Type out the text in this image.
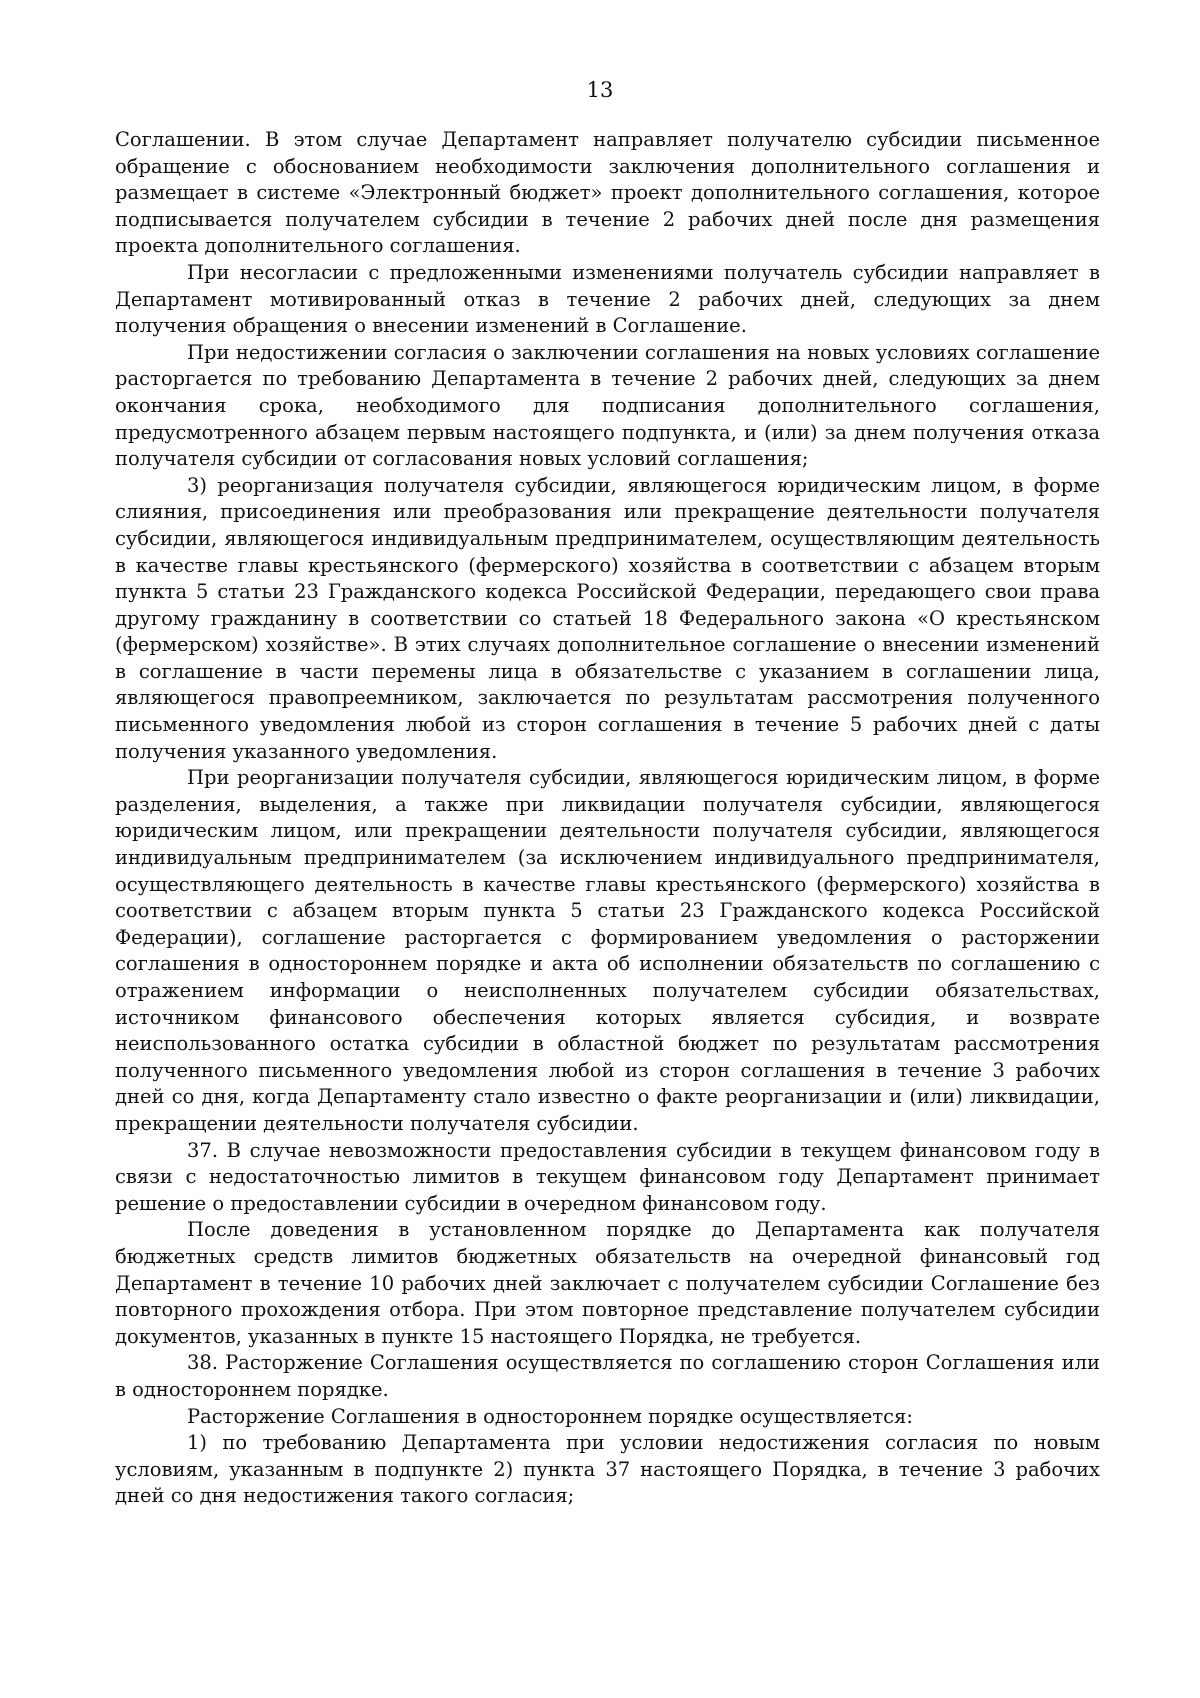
13

Соглашении. В этом случае Департамент направляет получателю субсидии письменное обращение с обоснованием необходимости заключения дополнительного соглашения и размещает в системе «Электронный бюджет» проект дополнительного соглашения, которое подписывается получателем субсидии в течение 2 рабочих дней после дня размещения проекта дополнительного соглашения.

При несогласии с предложенными изменениями получатель субсидии направляет в Департамент мотивированный отказ в течение 2 рабочих дней, следующих за днем получения обращения о внесении изменений в Соглашение.

При недостижении согласия о заключении соглашения на новых условиях соглашение расторгается по требованию Департамента в течение 2 рабочих дней, следующих за днем окончания срока, необходимого для подписания дополнительного соглашения, предусмотренного абзацем первым настоящего подпункта, и (или) за днем получения отказа получателя субсидии от согласования новых условий соглашения;

3) реорганизация получателя субсидии, являющегося юридическим лицом, в форме слияния, присоединения или преобразования или прекращение деятельности получателя субсидии, являющегося индивидуальным предпринимателем, осуществляющим деятельность в качестве главы крестьянского (фермерского) хозяйства в соответствии с абзацем вторым пункта 5 статьи 23 Гражданского кодекса Российской Федерации, передающего свои права другому гражданину в соответствии со статьей 18 Федерального закона «О крестьянском (фермерском) хозяйстве». В этих случаях дополнительное соглашение о внесении изменений в соглашение в части перемены лица в обязательстве с указанием в соглашении лица, являющегося правопреемником, заключается по результатам рассмотрения полученного письменного уведомления любой из сторон соглашения в течение 5 рабочих дней с даты получения указанного уведомления.

При реорганизации получателя субсидии, являющегося юридическим лицом, в форме разделения, выделения, а также при ликвидации получателя субсидии, являющегося юридическим лицом, или прекращении деятельности получателя субсидии, являющегося индивидуальным предпринимателем (за исключением индивидуального предпринимателя, осуществляющего деятельность в качестве главы крестьянского (фермерского) хозяйства в соответствии с абзацем вторым пункта 5 статьи 23 Гражданского кодекса Российской Федерации), соглашение расторгается с формированием уведомления о расторжении соглашения в одностороннем порядке и акта об исполнении обязательств по соглашению с отражением информации о неисполненных получателем субсидии обязательствах, источником финансового обеспечения которых является субсидия, и возврате неиспользованного остатка субсидии в областной бюджет по результатам рассмотрения полученного письменного уведомления любой из сторон соглашения в течение 3 рабочих дней со дня, когда Департаменту стало известно о факте реорганизации и (или) ликвидации, прекращении деятельности получателя субсидии.

37. В случае невозможности предоставления субсидии в текущем финансовом году в связи с недостаточностью лимитов в текущем финансовом году Департамент принимает решение о предоставлении субсидии в очередном финансовом году.

После доведения в установленном порядке до Департамента как получателя бюджетных средств лимитов бюджетных обязательств на очередной финансовый год Департамент в течение 10 рабочих дней заключает с получателем субсидии Соглашение без повторного прохождения отбора. При этом повторное представление получателем субсидии документов, указанных в пункте 15 настоящего Порядка, не требуется.

38. Расторжение Соглашения осуществляется по соглашению сторон Соглашения или в одностороннем порядке.

Расторжение Соглашения в одностороннем порядке осуществляется:

1) по требованию Департамента при условии недостижения согласия по новым условиям, указанным в подпункте 2) пункта 37 настоящего Порядка, в течение 3 рабочих дней со дня недостижения такого согласия;
